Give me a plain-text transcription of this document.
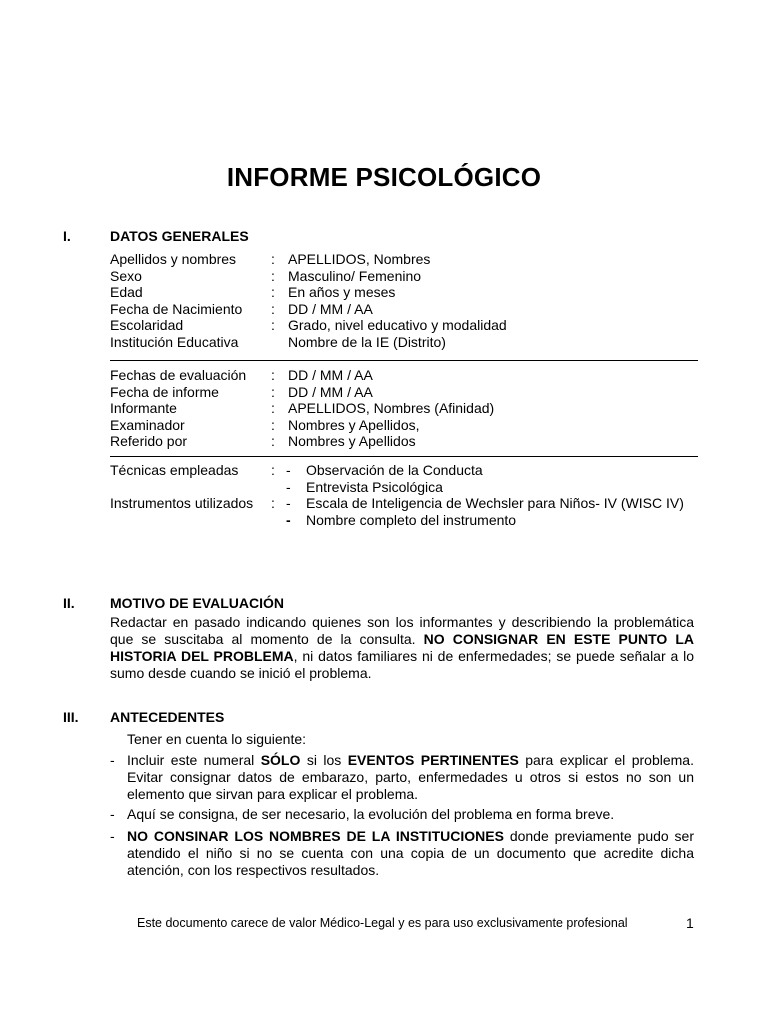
INFORME PSICOLÓGICO
I.	DATOS GENERALES
Apellidos y nombres : APELLIDOS, Nombres
Sexo	: Masculino/ Femenino
Edad	: En años y meses
Fecha de Nacimiento : DD / MM / AA
Escolaridad	: Grado, nivel educativo y modalidad
Institución Educativa	Nombre de la IE (Distrito)
Fechas de evaluación : DD / MM / AA
Fecha de informe	: DD / MM / AA
Informante	: APELLIDOS, Nombres (Afinidad)
Examinador	: Nombres y Apellidos,
Referido por	: Nombres y Apellidos
Técnicas empleadas : - Observación de la Conducta
- Entrevista Psicológica
Instrumentos utilizados : - Escala de Inteligencia de Wechsler para Niños- IV (WISC IV)
- Nombre completo del instrumento
II.	MOTIVO DE EVALUACIÓN
Redactar en pasado indicando quienes son los informantes y describiendo la problemática que se suscitaba al momento de la consulta. NO CONSIGNAR EN ESTE PUNTO LA HISTORIA DEL PROBLEMA, ni datos familiares ni de enfermedades; se puede señalar a lo sumo desde cuando se inició el problema.
III. ANTECEDENTES
Tener en cuenta lo siguiente:
- Incluir este numeral SÓLO si los EVENTOS PERTINENTES para explicar el problema. Evitar consignar datos de embarazo, parto, enfermedades u otros si estos no son un elemento que sirvan para explicar el problema.
- Aquí se consigna, de ser necesario, la evolución del problema en forma breve.
- NO CONSINAR LOS NOMBRES DE LA INSTITUCIONES donde previamente pudo ser atendido el niño si no se cuenta con una copia de un documento que acredite dicha atención, con los respectivos resultados.
Este documento carece de valor Médico-Legal y es para uso exclusivamente profesional	1
